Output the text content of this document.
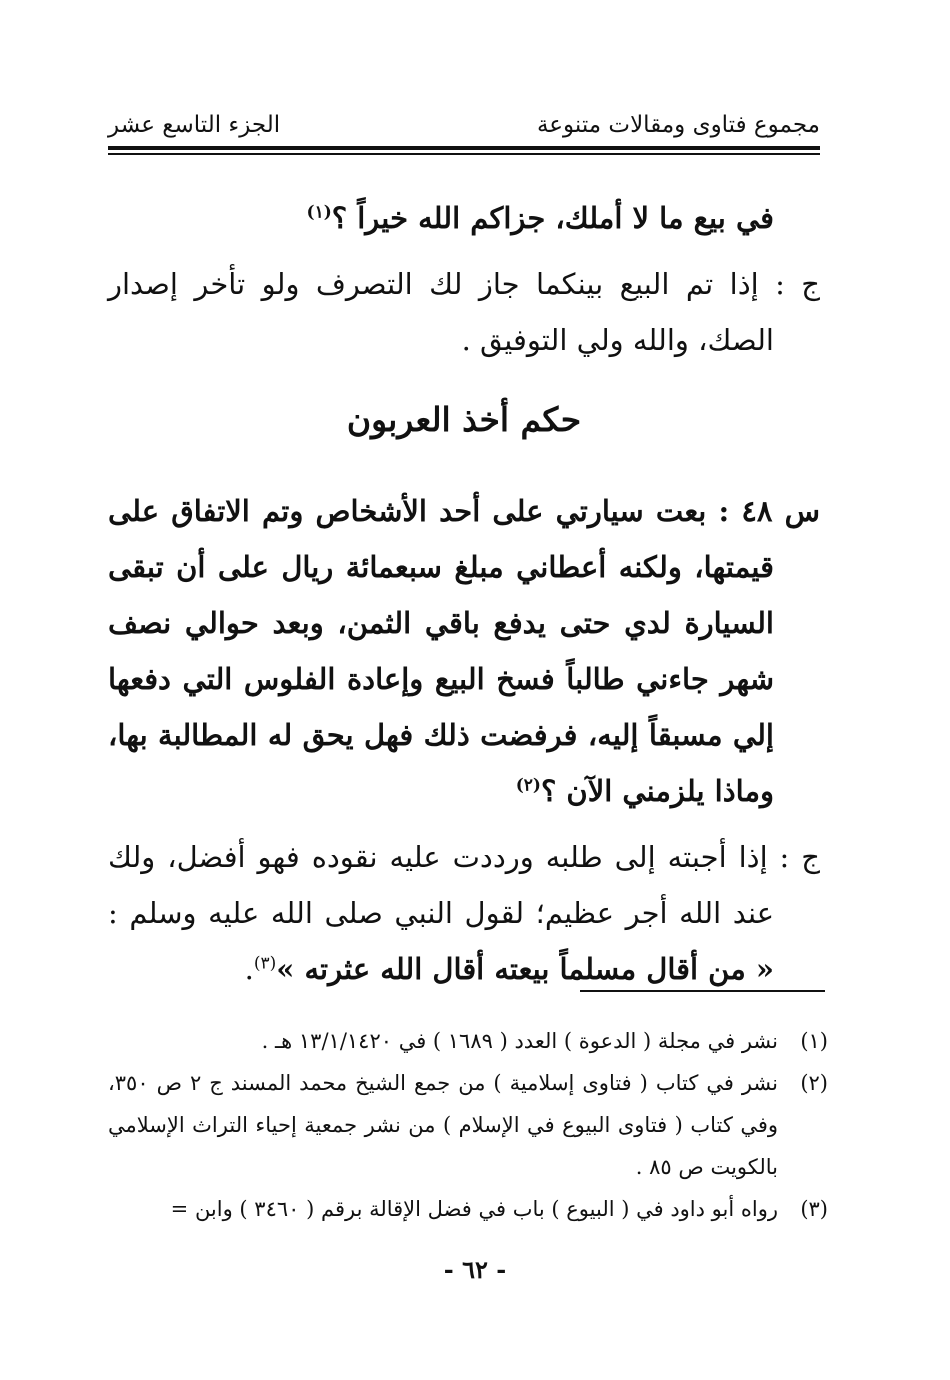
مجموع فتاوى ومقالات متنوعة
الجزء التاسع عشر

في بيع ما لا أملك، جزاكم الله خيراً ؟$^{(١)}$

ج : إذا تم البيع بينكما جاز لك التصرف ولو تأخر إصدار الصك، والله ولي التوفيق .

حكم أخذ العربون

س ٤٨ : بعت سيارتي على أحد الأشخاص وتم الاتفاق على قيمتها، ولكنه أعطاني مبلغ سبعمائة ريال على أن تبقى السيارة لدي حتى يدفع باقي الثمن، وبعد حوالي نصف شهر جاءني طالباً فسخ البيع وإعادة الفلوس التي دفعها إلي مسبقاً إليه، فرفضت ذلك فهل يحق له المطالبة بها، وماذا يلزمني الآن ؟$^{(٢)}$

ج : إذا أجبته إلى طلبه ورددت عليه نقوده فهو أفضل، ولك عند الله أجر عظيم؛ لقول النبي صلى الله عليه وسلم : « من أقال مسلماً بيعته أقال الله عثرته »$^{(٣)}$.

(١)
نشر في مجلة ( الدعوة ) العدد ( ١٦٨٩ ) في ١٣/١/١٤٢٠ هـ .

(٢)
نشر في كتاب ( فتاوى إسلامية ) من جمع الشيخ محمد المسند ج ٢ ص ٣٥٠، وفي كتاب ( فتاوى البيوع في الإسلام ) من نشر جمعية إحياء التراث الإسلامي بالكويت ص ٨٥ .

(٣)
رواه أبو داود في ( البيوع ) باب في فضل الإقالة برقم ( ٣٤٦٠ ) وابن =

- ٦٢ -
